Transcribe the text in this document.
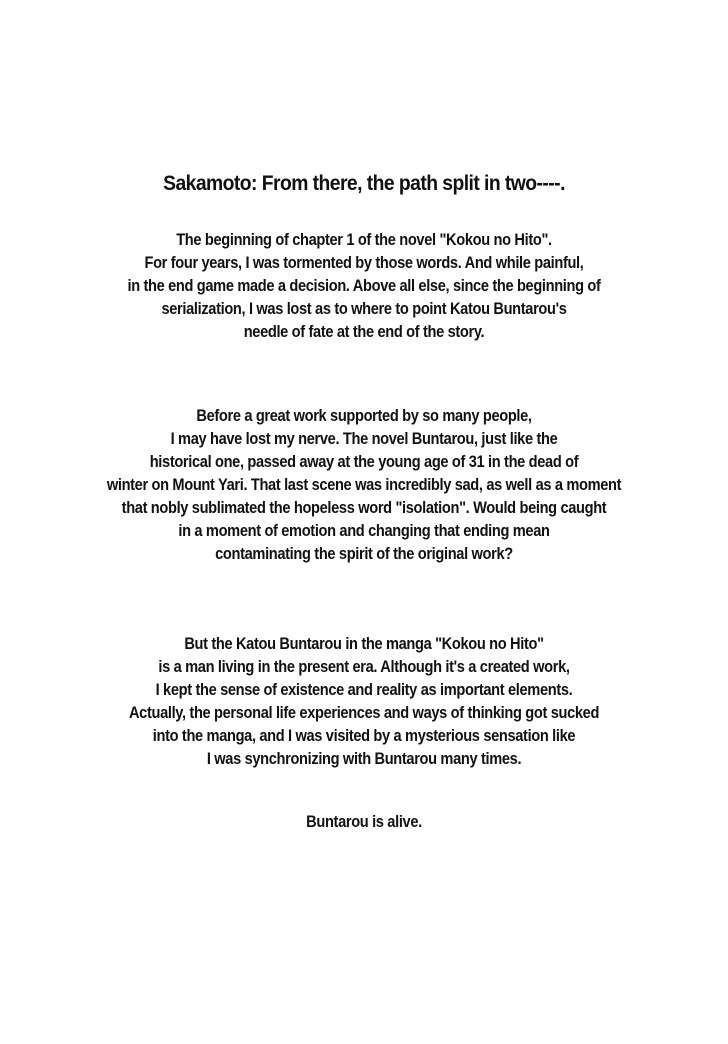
Sakamoto: From there, the path split in two----.
The beginning of chapter 1 of the novel "Kokou no Hito".
For four years, I was tormented by those words. And while painful,
in the end game made a decision. Above all else, since the beginning of
serialization, I was lost as to where to point Katou Buntarou's
needle of fate at the end of the story.
Before a great work supported by so many people,
I may have lost my nerve. The novel Buntarou, just like the
historical one, passed away at the young age of 31 in the dead of
winter on Mount Yari. That last scene was incredibly sad, as well as a moment
that nobly sublimated the hopeless word "isolation". Would being caught
in a moment of emotion and changing that ending mean
contaminating the spirit of the original work?
But the Katou Buntarou in the manga "Kokou no Hito"
is a man living in the present era. Although it's a created work,
I kept the sense of existence and reality as important elements.
Actually, the personal life experiences and ways of thinking got sucked
into the manga, and I was visited by a mysterious sensation like
I was synchronizing with Buntarou many times.
Buntarou is alive.
